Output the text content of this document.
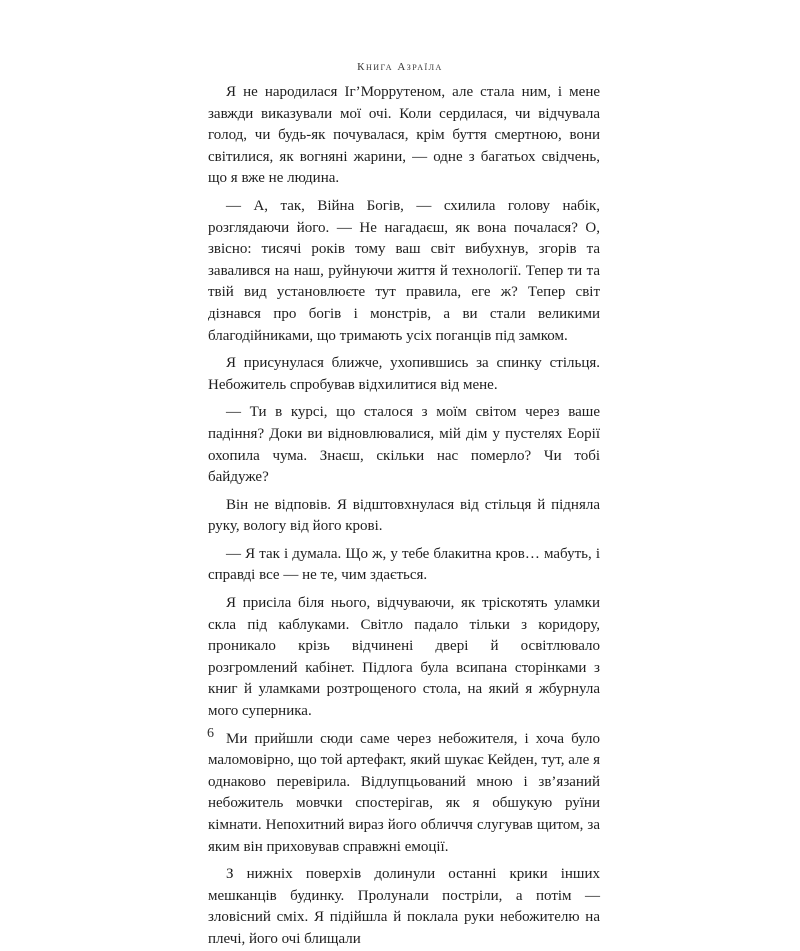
Книга Азраїла

Я не народилася Іг’Моррутеном, але стала ним, і мене завжди виказували мої очі. Коли сердилася, чи відчувала голод, чи будь-як почувалася, крім буття смертною, вони світилися, як вогняні жарини, — одне з багатьох свідчень, що я вже не людина.

— А, так, Війна Богів, — схилила голову набік, розглядаючи його. — Не нагадаєш, як вона почалася? О, звісно: тисячі років тому ваш світ вибухнув, згорів та завалився на наш, руйнуючи життя й технології. Тепер ти та твій вид установлюєте тут правила, еге ж? Тепер світ дізнався про богів і монстрів, а ви стали великими благодійниками, що тримають усіх поганців під замком.

Я присунулася ближче, ухопившись за спинку стільця. Небожитель спробував відхилитися від мене.

— Ти в курсі, що сталося з моїм світом через ваше падіння? Доки ви відновлювалися, мій дім у пустелях Еорії охопила чума. Знаєш, скільки нас померло? Чи тобі байдуже?

Він не відповів. Я відштовхнулася від стільця й підняла руку, вологу від його крові.

— Я так і думала. Що ж, у тебе блакитна кров… мабуть, і справді все — не те, чим здається.

Я присіла біля нього, відчуваючи, як тріскотять уламки скла під каблуками. Світло падало тільки з коридору, проникало крізь відчинені двері й освітлювало розгромлений кабінет. Підлога була всипана сторінками з книг й уламками розтрощеного стола, на який я жбурнула мого суперника.

Ми прийшли сюди саме через небожителя, і хоча було маломовірно, що той артефакт, який шукає Кейден, тут, але я однаково перевірила. Відлупцьований мною і зв’язаний небожитель мовчки спостерігав, як я обшукую руїни кімнати. Непохитний вираз його обличчя слугував щитом, за яким він приховував справжні емоції.

З нижніх поверхів долинули останні крики інших мешканців будинку. Пролунали постріли, а потім — зловісний сміх. Я підійшла й поклала руки небожителю на плечі, його очі блищали

6
